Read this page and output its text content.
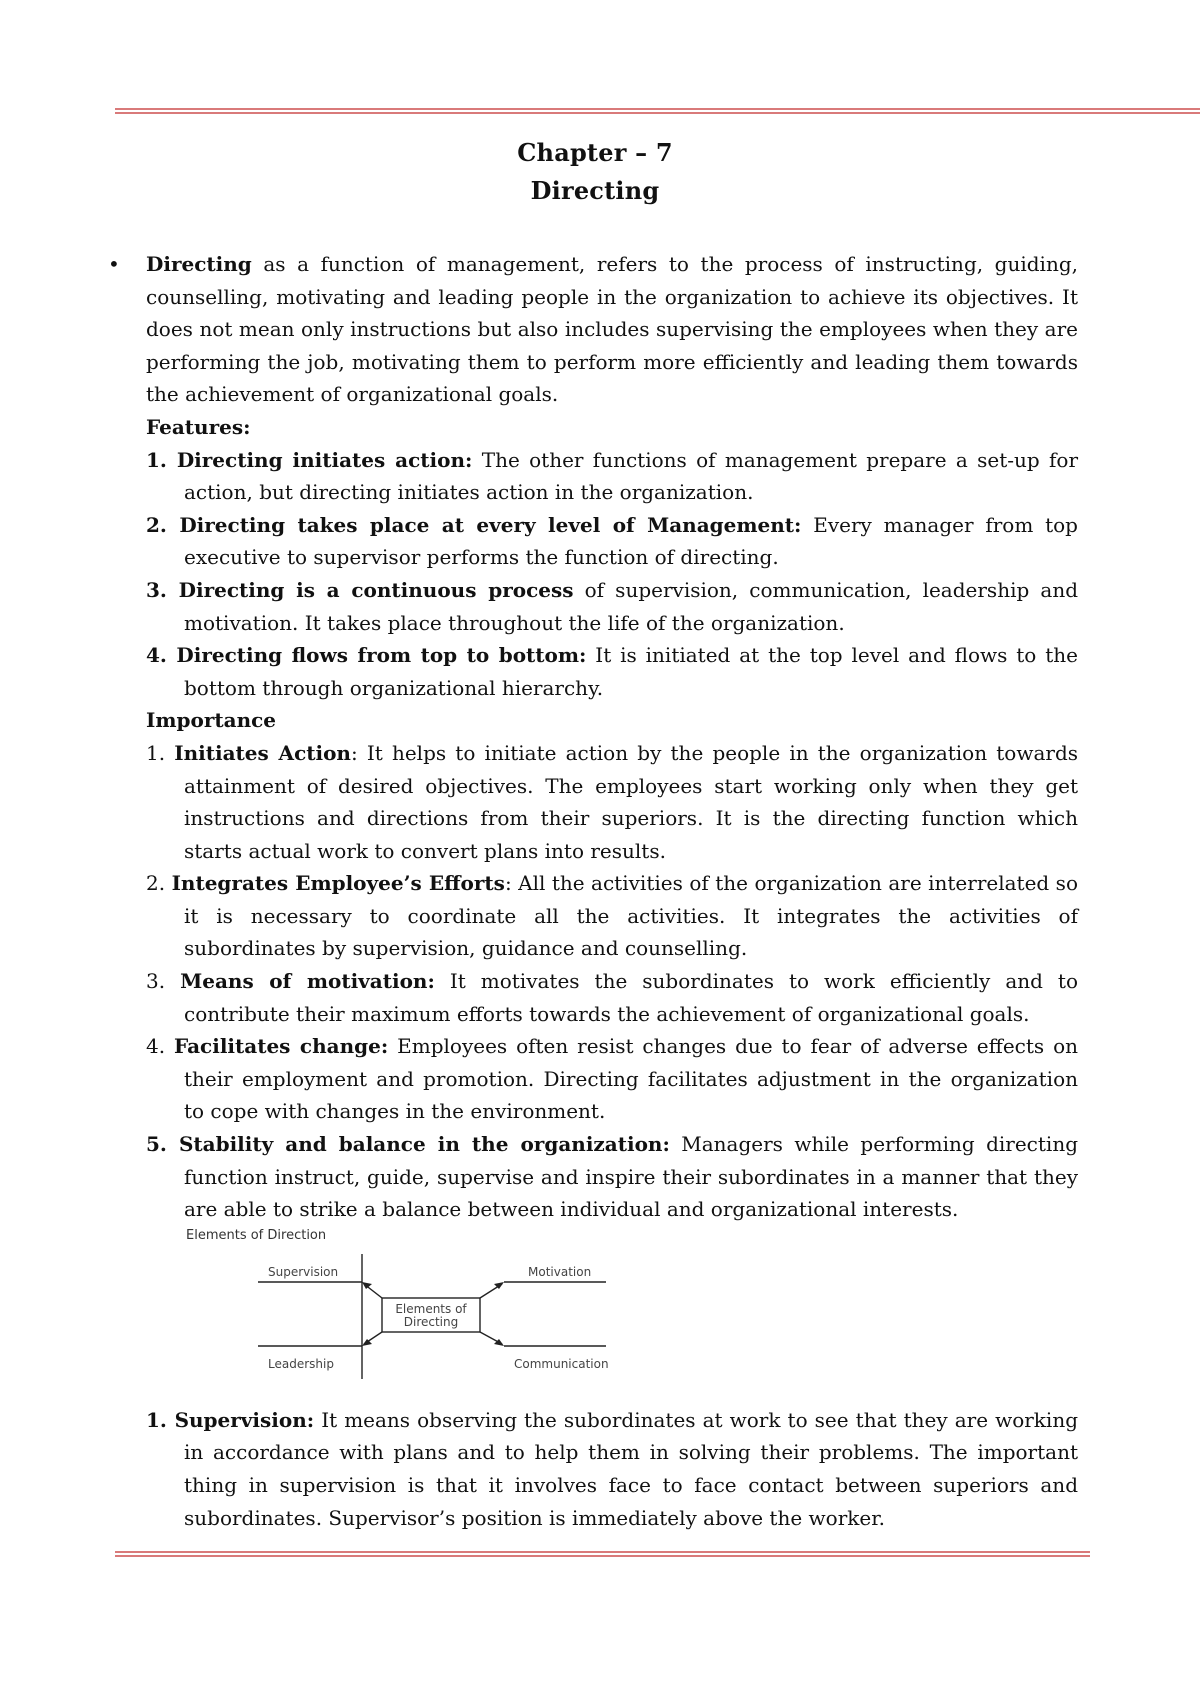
Chapter – 7
Directing
• Directing as a function of management, refers to the process of instructing, guiding, counselling, motivating and leading people in the organization to achieve its objectives. It does not mean only instructions but also includes supervising the employees when they are performing the job, motivating them to perform more efficiently and leading them towards the achievement of organizational goals.

Features:

1. Directing initiates action: The other functions of management prepare a set-up for action, but directing initiates action in the organization.

2. Directing takes place at every level of Management: Every manager from top executive to supervisor performs the function of directing.

3. Directing is a continuous process of supervision, communication, leadership and motivation. It takes place throughout the life of the organization.

4. Directing flows from top to bottom: It is initiated at the top level and flows to the bottom through organizational hierarchy.

Importance

1. Initiates Action: It helps to initiate action by the people in the organization towards attainment of desired objectives. The employees start working only when they get instructions and directions from their superiors. It is the directing function which starts actual work to convert plans into results.

2. Integrates Employee’s Efforts: All the activities of the organization are interrelated so it is necessary to coordinate all the activities. It integrates the activities of subordinates by supervision, guidance and counselling.

3. Means of motivation: It motivates the subordinates to work efficiently and to contribute their maximum efforts towards the achievement of organizational goals.

4. Facilitates change: Employees often resist changes due to fear of adverse effects on their employment and promotion. Directing facilitates adjustment in the organization to cope with changes in the environment.

5. Stability and balance in the organization: Managers while performing directing function instruct, guide, supervise and inspire their subordinates in a manner that they are able to strike a balance between individual and organizational interests.

Elements of Direction
Elements of
Directing
Supervision	Motivation
Leadership	Communication

1. Supervision: It means observing the subordinates at work to see that they are working in accordance with plans and to help them in solving their problems. The important thing in supervision is that it involves face to face contact between superiors and subordinates. Supervisor’s position is immediately above the worker.
